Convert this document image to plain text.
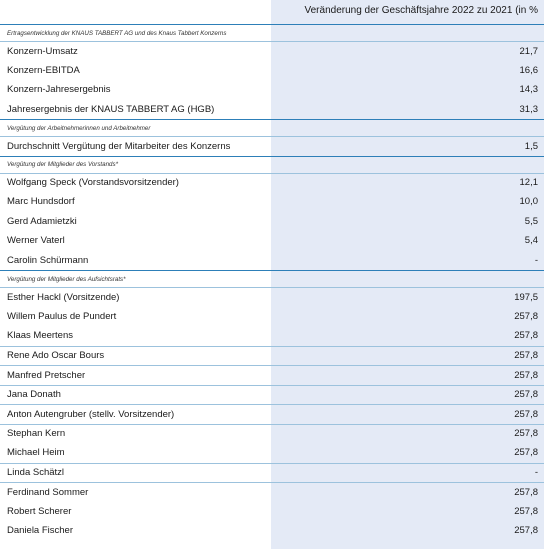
Veränderung der Geschäftsjahre 2022 zu 2021 (in %
Ertragsentwicklung der KNAUS TABBERT AG und des Knaus Tabbert Konzerns
Konzern-Umsatz	21,7
Konzern-EBITDA	16,6
Konzern-Jahresergebnis	14,3
Jahresergebnis der KNAUS TABBERT AG (HGB)	31,3
Vergütung der Arbeitnehmerinnen und Arbeitnehmer
Durchschnitt Vergütung der Mitarbeiter des Konzerns	1,5
Vergütung der Mitglieder des Vorstands*
Wolfgang Speck (Vorstandsvorsitzender)	12,1
Marc Hundsdorf	10,0
Gerd Adamietzki	5,5
Werner Vaterl	5,4
Carolin Schürmann	-
Vergütung der Mitglieder des Aufsichtsrats*
Esther Hackl (Vorsitzende)	197,5
Willem Paulus de Pundert	257,8
Klaas Meertens	257,8
Rene Ado Oscar Bours	257,8
Manfred Pretscher	257,8
Jana Donath	257,8
Anton Autengruber (stellv. Vorsitzender)	257,8
Stephan Kern	257,8
Michael Heim	257,8
Linda Schätzl	-
Ferdinand Sommer	257,8
Robert Scherer	257,8
Daniela Fischer	257,8
